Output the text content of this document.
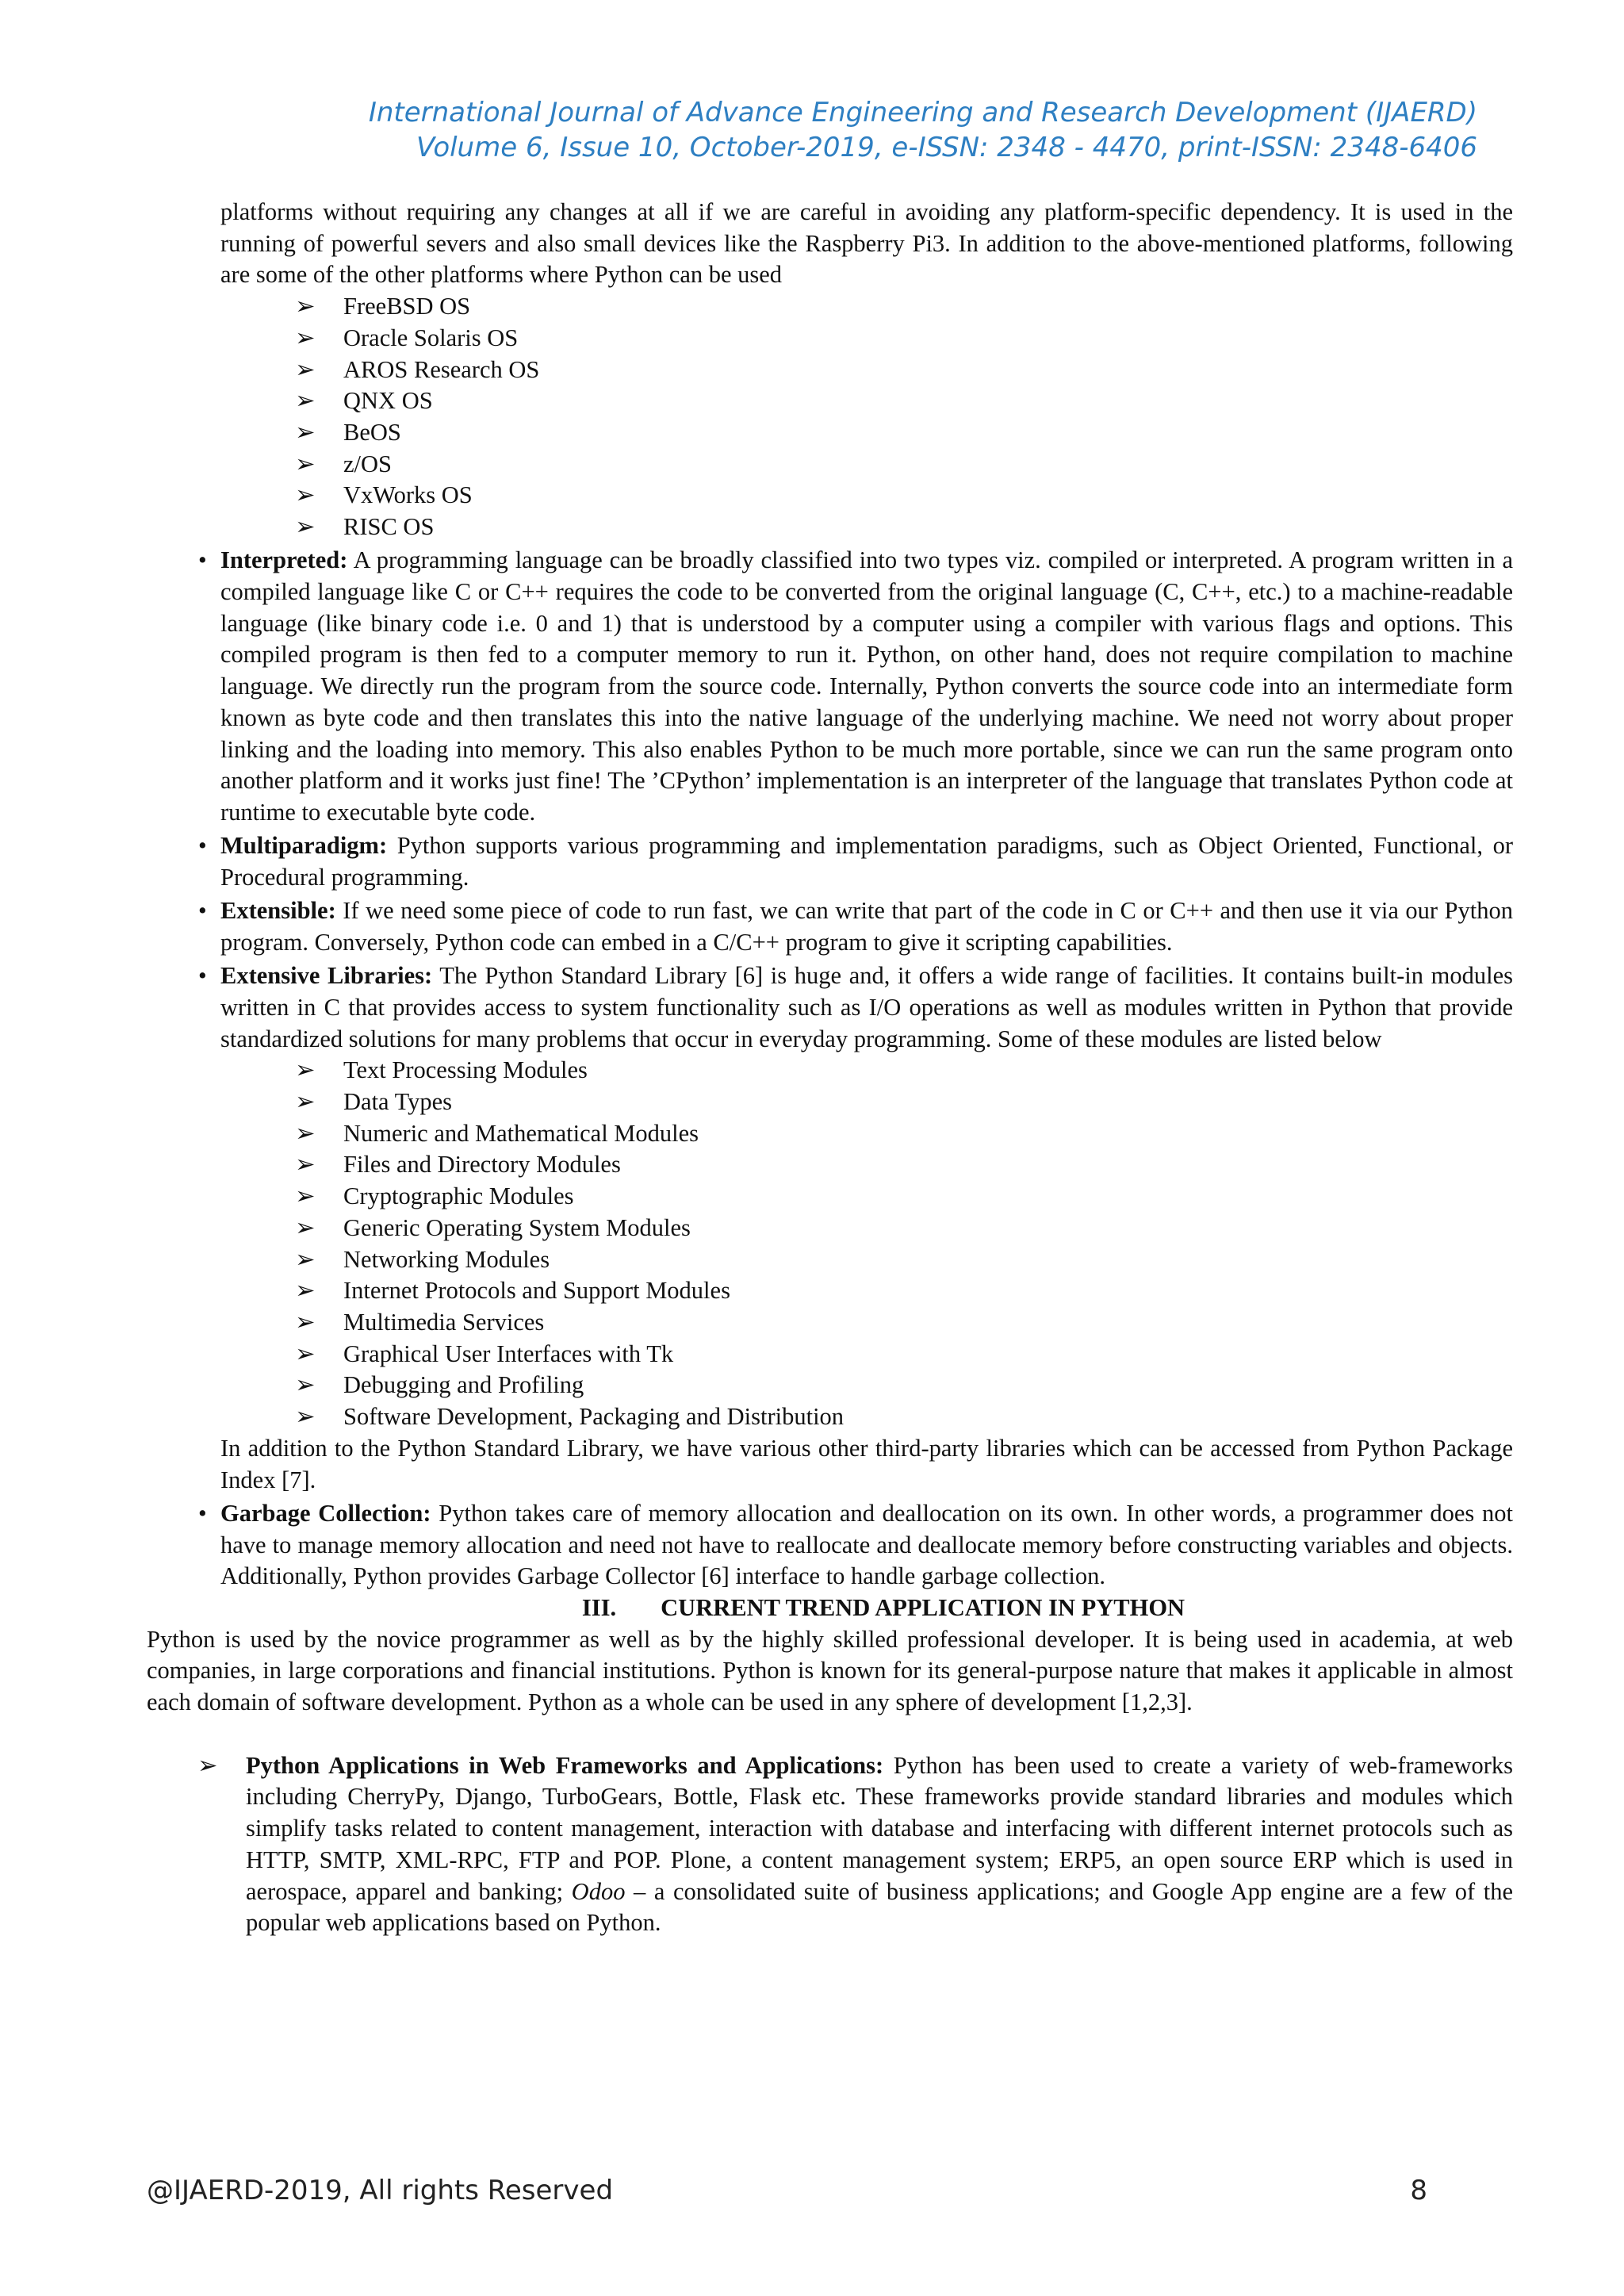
International Journal of Advance Engineering and Research Development (IJAERD)
Volume 6, Issue 10, October-2019, e-ISSN: 2348 - 4470, print-ISSN: 2348-6406

platforms without requiring any changes at all if we are careful in avoiding any platform-specific dependency. It is used in the running of powerful severs and also small devices like the Raspberry Pi3. In addition to the above-mentioned platforms, following are some of the other platforms where Python can be used

➢ FreeBSD OS
➢ Oracle Solaris OS
➢ AROS Research OS
➢ QNX OS
➢ BeOS
➢ z/OS
➢ VxWorks OS
➢ RISC OS
• Interpreted: A programming language can be broadly classified into two types viz. compiled or interpreted. A program written in a compiled language like C or C++ requires the code to be converted from the original language (C, C++, etc.) to a machine-readable language (like binary code i.e. 0 and 1) that is understood by a computer using a compiler with various flags and options. This compiled program is then fed to a computer memory to run it. Python, on other hand, does not require compilation to machine language. We directly run the program from the source code. Internally, Python converts the source code into an intermediate form known as byte code and then translates this into the native language of the underlying machine. We need not worry about proper linking and the loading into memory. This also enables Python to be much more portable, since we can run the same program onto another platform and it works just fine! The ’CPython’ implementation is an interpreter of the language that translates Python code at runtime to executable byte code.
• Multiparadigm: Python supports various programming and implementation paradigms, such as Object Oriented, Functional, or Procedural programming.
• Extensible: If we need some piece of code to run fast, we can write that part of the code in C or C++ and then use it via our Python program. Conversely, Python code can embed in a C/C++ program to give it scripting capabilities.
• Extensive Libraries: The Python Standard Library [6] is huge and, it offers a wide range of facilities. It contains built-in modules written in C that provides access to system functionality such as I/O operations as well as modules written in Python that provide standardized solutions for many problems that occur in everyday programming. Some of these modules are listed below
➢ Text Processing Modules
➢ Data Types
➢ Numeric and Mathematical Modules
➢ Files and Directory Modules
➢ Cryptographic Modules
➢ Generic Operating System Modules
➢ Networking Modules
➢ Internet Protocols and Support Modules
➢ Multimedia Services
➢ Graphical User Interfaces with Tk
➢ Debugging and Profiling
➢ Software Development, Packaging and Distribution

In addition to the Python Standard Library, we have various other third-party libraries which can be accessed from Python Package Index [7].

• Garbage Collection: Python takes care of memory allocation and deallocation on its own. In other words, a programmer does not have to manage memory allocation and need not have to reallocate and deallocate memory before constructing variables and objects. Additionally, Python provides Garbage Collector [6] interface to handle garbage collection.

III. CURRENT TREND APPLICATION IN PYTHON

Python is used by the novice programmer as well as by the highly skilled professional developer. It is being used in academia, at web companies, in large corporations and financial institutions. Python is known for its general-purpose nature that makes it applicable in almost each domain of software development. Python as a whole can be used in any sphere of development [1,2,3].

➢ Python Applications in Web Frameworks and Applications: Python has been used to create a variety of web-frameworks including CherryPy, Django, TurboGears, Bottle, Flask etc. These frameworks provide standard libraries and modules which simplify tasks related to content management, interaction with database and interfacing with different internet protocols such as HTTP, SMTP, XML-RPC, FTP and POP. Plone, a content management system; ERP5, an open source ERP which is used in aerospace, apparel and banking; Odoo – a consolidated suite of business applications; and Google App engine are a few of the popular web applications based on Python.
@IJAERD-2019, All rights Reserved	8
